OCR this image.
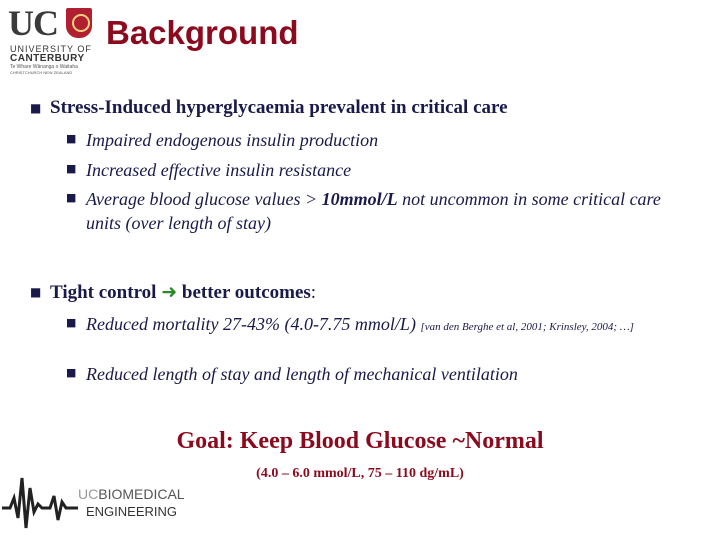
UC
UNIVERSITY OF
CANTERBURY
Te Whare Wānanga o Waitaha
CHRISTCHURCH NEW ZEALAND
Background
■ Stress-Induced hyperglycaemia prevalent in critical care
■ Impaired endogenous insulin production
■ Increased effective insulin resistance
■ Average blood glucose values > 10mmol/L not uncommon in some critical care units (over length of stay)
■ Tight control ➜ better outcomes:
■ Reduced mortality 27-43% (4.0-7.75 mmol/L) [van den Berghe et al, 2001; Krinsley, 2004; …]
■ Reduced length of stay and length of mechanical ventilation
Goal: Keep Blood Glucose ~Normal
(4.0 – 6.0 mmol/L, 75 – 110 dg/mL)
UCBIOMEDICAL
ENGINEERING
